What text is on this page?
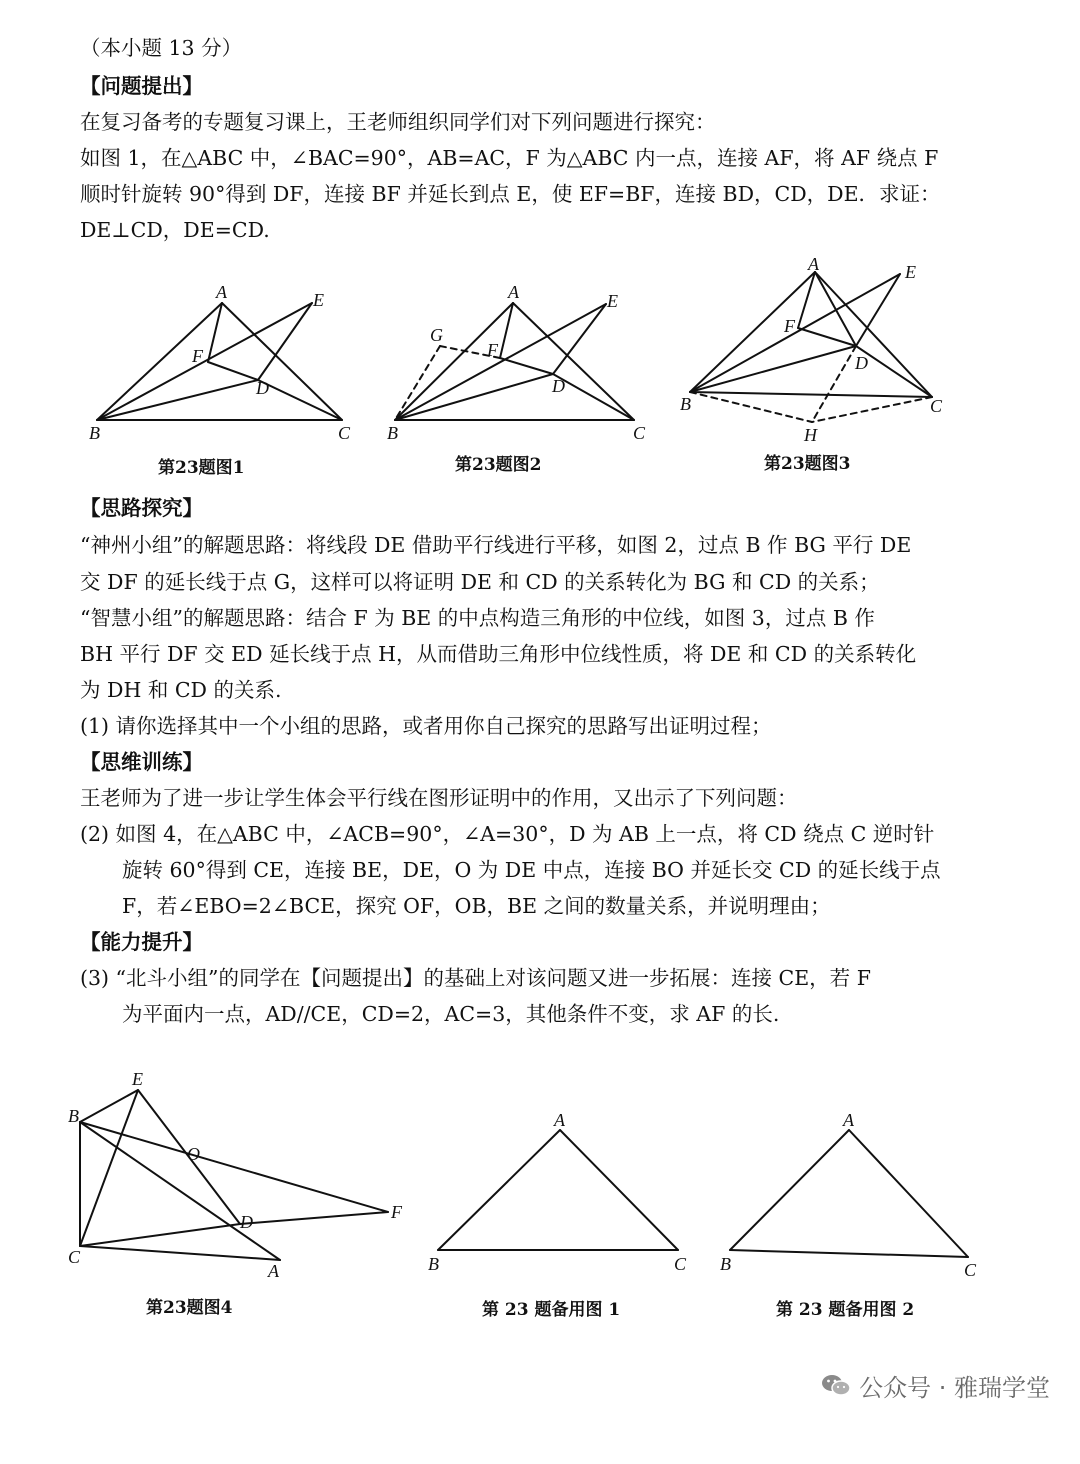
（本小题 13 分）
【问题提出】
在复习备考的专题复习课上，王老师组织同学们对下列问题进行探究：
如图 1，在△ABC 中，∠BAC=90°，AB=AC，F 为△ABC 内一点，连接 AF，将 AF 绕点 F
顺时针旋转 90°得到 DF，连接 BF 并延长到点 E，使 EF=BF，连接 BD，CD，DE．求证：
DE⊥CD，DE=CD.
【思路探究】
“神州小组”的解题思路：将线段 DE 借助平行线进行平移，如图 2，过点 B 作 BG 平行 DE
交 DF 的延长线于点 G，这样可以将证明 DE 和 CD 的关系转化为 BG 和 CD 的关系；
“智慧小组”的解题思路：结合 F 为 BE 的中点构造三角形的中位线，如图 3，过点 B 作
BH 平行 DF 交 ED 延长线于点 H，从而借助三角形中位线性质，将 DE 和 CD 的关系转化
为 DH 和 CD 的关系.
(1) 请你选择其中一个小组的思路，或者用你自己探究的思路写出证明过程；
【思维训练】
王老师为了进一步让学生体会平行线在图形证明中的作用，又出示了下列问题：
(2) 如图 4，在△ABC 中，∠ACB=90°，∠A=30°，D 为 AB 上一点，将 CD 绕点 C 逆时针
旋转 60°得到 CE，连接 BE，DE，O 为 DE 中点，连接 BO 并延长交 CD 的延长线于点
F，若∠EBO=2∠BCE，探究 OF，OB，BE 之间的数量关系，并说明理由；
【能力提升】
(3) “北斗小组”的同学在【问题提出】的基础上对该问题又进一步拓展：连接 CE，若 F
为平面内一点，AD//CE，CD=2，AC=3，其他条件不变，求 AF 的长.
A	E
F
D
B	C
第23题图1
A	E
G
F
D
B	C
第23题图2
A	E
F
D
B	C
H
第23题图3
E
B
O
F
D
C
A
第23题图4
A
B	C
第 23 题备用图 1
A
B	C
第 23 题备用图 2
公众号 · 雅瑞学堂
